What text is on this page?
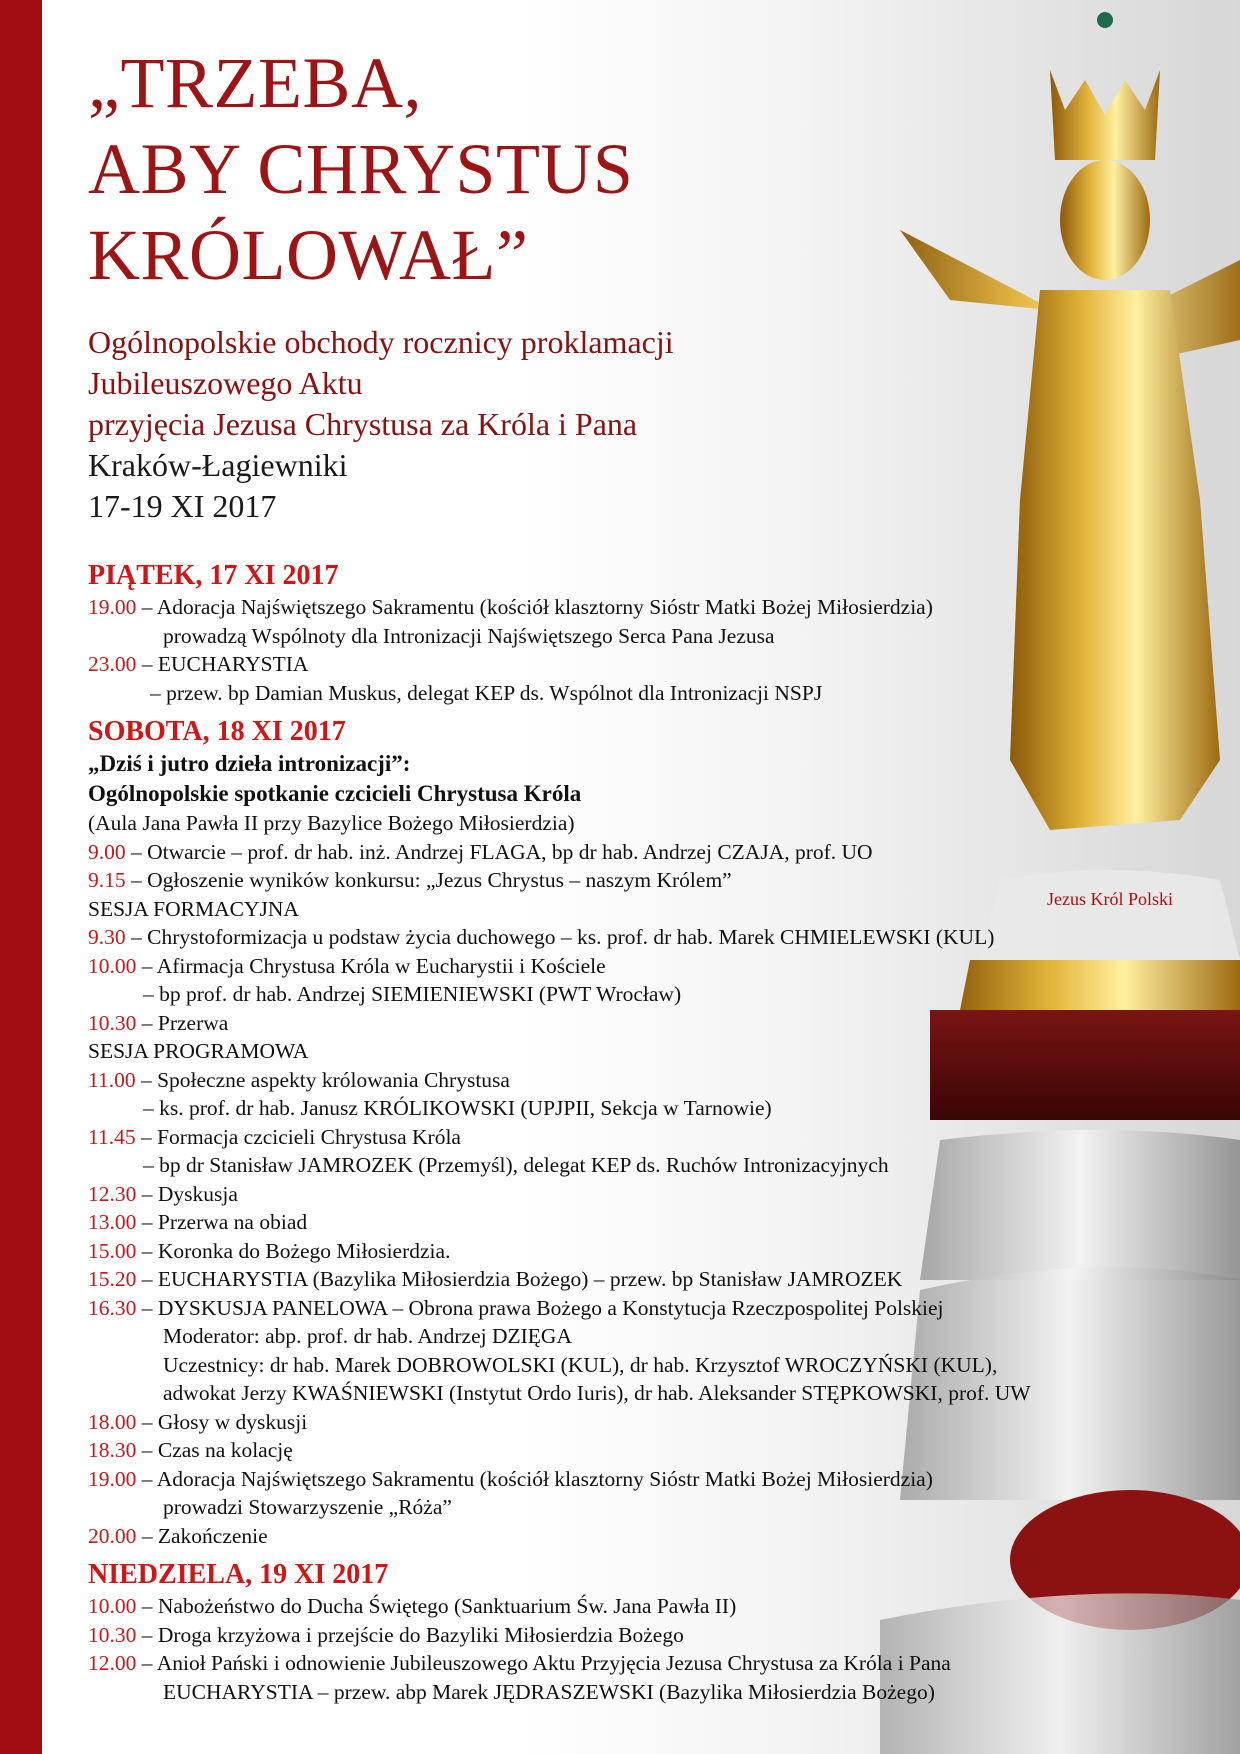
Jezus Król Polski
„TRZEBA,
ABY CHRYSTUS
KRÓLOWAŁ”
Ogólnopolskie obchody rocznicy proklamacji
Jubileuszowego Aktu
przyjęcia Jezusa Chrystusa za Króla i Pana
Kraków-Łagiewniki
17-19 XI 2017
PIĄTEK, 17 XI 2017
19.00 – Adoracja Najświętszego Sakramentu (kościół klasztorny Sióstr Matki Bożej Miłosierdzia)
prowadzą Wspólnoty dla Intronizacji Najświętszego Serca Pana Jezusa
23.00 – EUCHARYSTIA
– przew. bp Damian Muskus, delegat KEP ds. Wspólnot dla Intronizacji NSPJ
SOBOTA, 18 XI 2017
„Dziś i jutro dzieła intronizacji”:
Ogólnopolskie spotkanie czcicieli Chrystusa Króla
(Aula Jana Pawła II przy Bazylice Bożego Miłosierdzia)
9.00 – Otwarcie – prof. dr hab. inż. Andrzej FLAGA, bp dr hab. Andrzej CZAJA, prof. UO
9.15 – Ogłoszenie wyników konkursu: „Jezus Chrystus – naszym Królem”
SESJA FORMACYJNA
9.30 – Chrystoformizacja u podstaw życia duchowego – ks. prof. dr hab. Marek CHMIELEWSKI (KUL)
10.00 – Afirmacja Chrystusa Króla w Eucharystii i Kościele
– bp prof. dr hab. Andrzej SIEMIENIEWSKI (PWT Wrocław)
10.30 – Przerwa
SESJA PROGRAMOWA
11.00 – Społeczne aspekty królowania Chrystusa
– ks. prof. dr hab. Janusz KRÓLIKOWSKI (UPJPII, Sekcja w Tarnowie)
11.45 – Formacja czcicieli Chrystusa Króla
– bp dr Stanisław JAMROZEK (Przemyśl), delegat KEP ds. Ruchów Intronizacyjnych
12.30 – Dyskusja
13.00 – Przerwa na obiad
15.00 – Koronka do Bożego Miłosierdzia.
15.20 – EUCHARYSTIA (Bazylika Miłosierdzia Bożego) – przew. bp Stanisław JAMROZEK
16.30 – DYSKUSJA PANELOWA – Obrona prawa Bożego a Konstytucja Rzeczpospolitej Polskiej
Moderator: abp. prof. dr hab. Andrzej DZIĘGA
Uczestnicy: dr hab. Marek DOBROWOLSKI (KUL), dr hab. Krzysztof WROCZYŃSKI (KUL),
adwokat Jerzy KWAŚNIEWSKI (Instytut Ordo Iuris), dr hab. Aleksander STĘPKOWSKI, prof. UW
18.00 – Głosy w dyskusji
18.30 – Czas na kolację
19.00 – Adoracja Najświętszego Sakramentu (kościół klasztorny Sióstr Matki Bożej Miłosierdzia)
prowadzi Stowarzyszenie „Róża”
20.00 – Zakończenie
NIEDZIELA, 19 XI 2017
10.00 – Nabożeństwo do Ducha Świętego (Sanktuarium Św. Jana Pawła II)
10.30 – Droga krzyżowa i przejście do Bazyliki Miłosierdzia Bożego
12.00 – Anioł Pański i odnowienie Jubileuszowego Aktu Przyjęcia Jezusa Chrystusa za Króla i Pana
EUCHARYSTIA – przew. abp Marek JĘDRASZEWSKI (Bazylika Miłosierdzia Bożego)
